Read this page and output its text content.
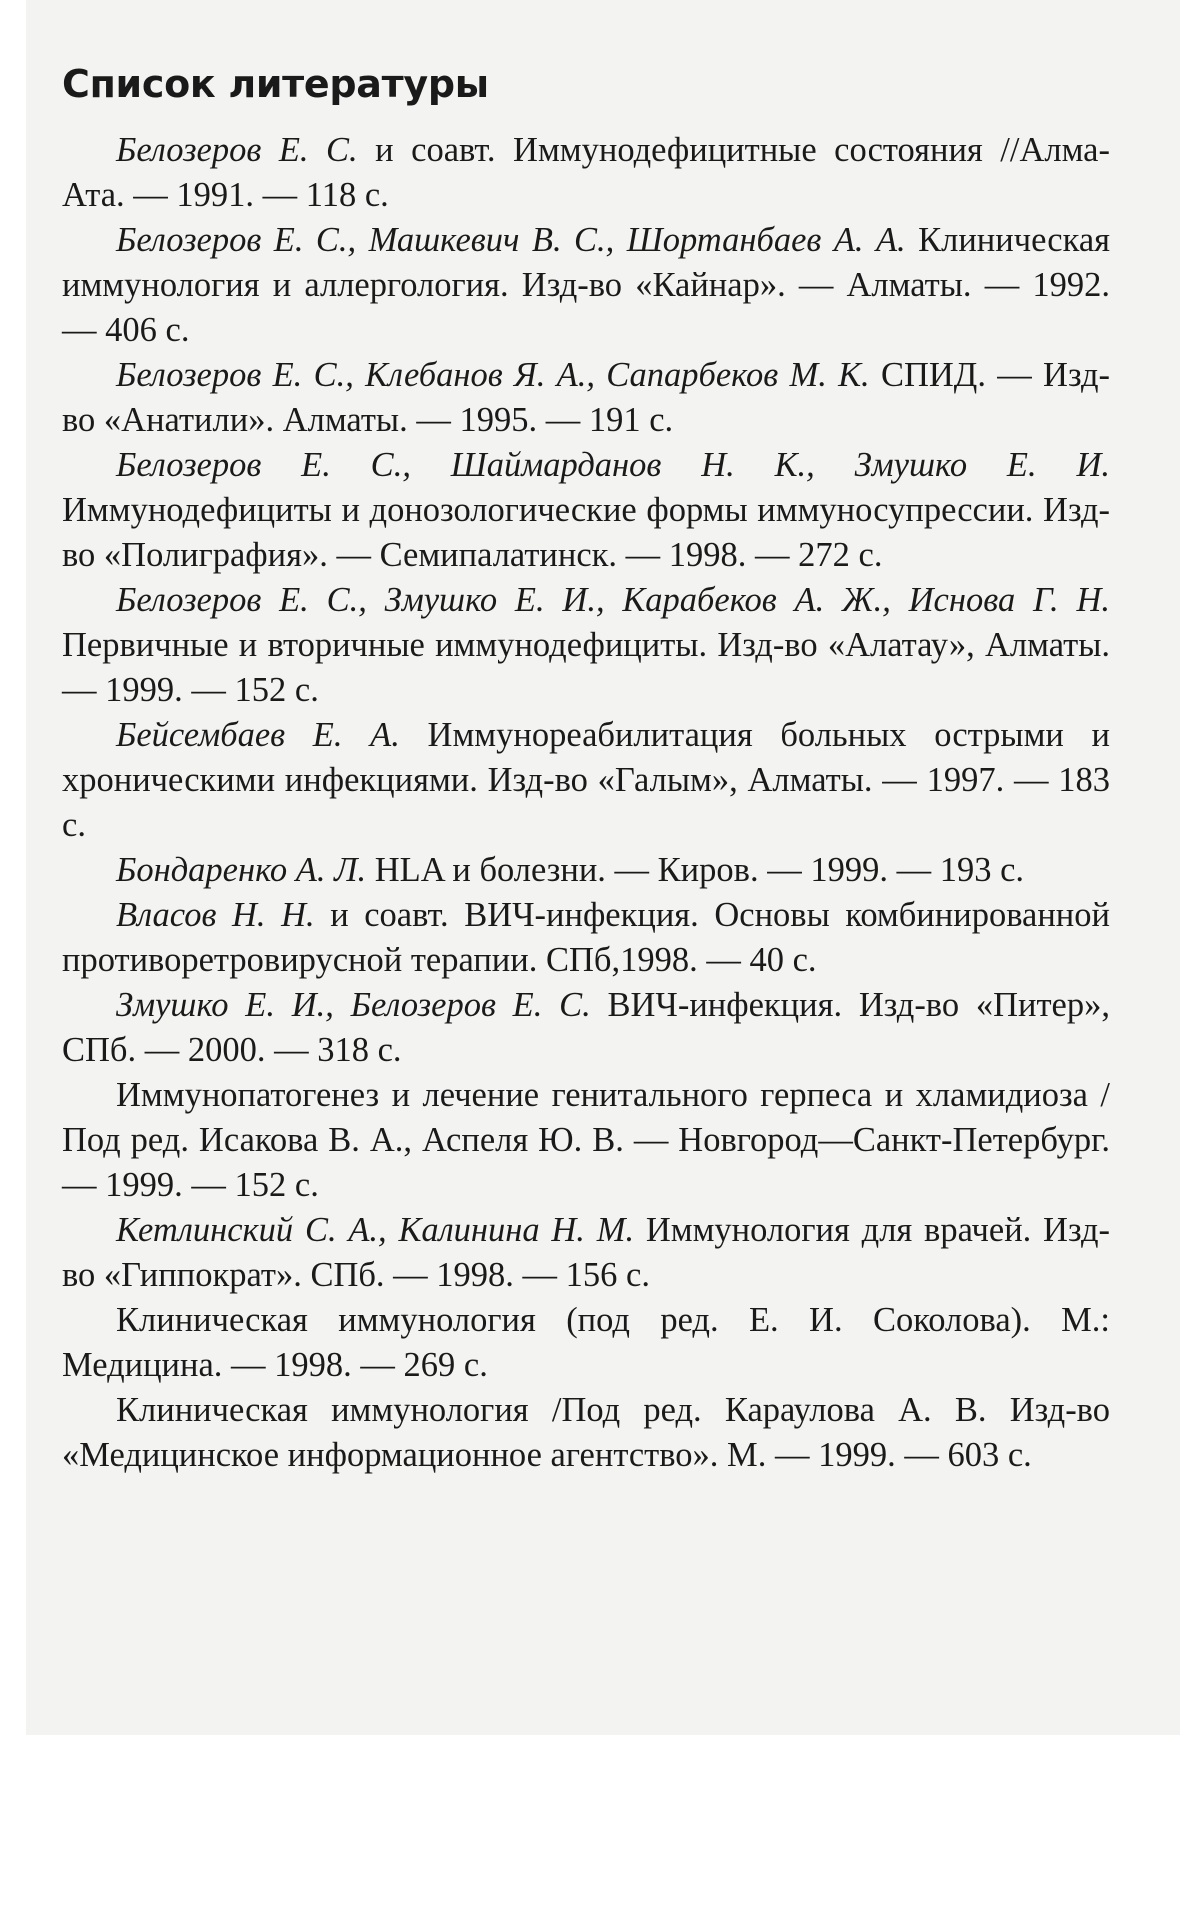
Список литературы
Белозеров Е. С. и соавт. Иммунодефицитные состояния //Алма-Ата. — 1991. — 118 с.
Белозеров Е. С., Машкевич В. С., Шортанбаев А. А. Клиническая иммунология и аллергология. Изд-во «Кайнар». — Алматы. — 1992. — 406 с.
Белозеров Е. С., Клебанов Я. А., Сапарбеков М. К. СПИД. — Изд-во «Анатили». Алматы. — 1995. — 191 с.
Белозеров Е. С., Шаймарданов Н. К., Змушко Е. И. Иммунодефициты и донозологические формы иммуносупрессии. Изд-во «Полиграфия». — Семипалатинск. — 1998. — 272 с.
Белозеров Е. С., Змушко Е. И., Карабеков А. Ж., Иснова Г. Н. Первичные и вторичные иммунодефициты. Изд-во «Алатау», Алматы. — 1999. — 152 с.
Бейсембаев Е. А. Иммунореабилитация больных острыми и хроническими инфекциями. Изд-во «Галым», Алматы. — 1997. — 183 с.
Бондаренко А. Л. HLA и болезни. — Киров. — 1999. — 193 с.
Власов Н. Н. и соавт. ВИЧ-инфекция. Основы комбинированной противоретровирусной терапии. СПб,1998. — 40 с.
Змушко Е. И., Белозеров Е. С. ВИЧ-инфекция. Изд-во «Питер», СПб. — 2000. — 318 с.
Иммунопатогенез и лечение генитального герпеса и хламидиоза /Под ред. Исакова В. А., Аспеля Ю. В. — Новгород—Санкт-Петербург. — 1999. — 152 с.
Кетлинский С. А., Калинина Н. М. Иммунология для врачей. Изд-во «Гиппократ». СПб. — 1998. — 156 с.
Клиническая иммунология (под ред. Е. И. Соколова). М.: Медицина. — 1998. — 269 с.
Клиническая иммунология /Под ред. Караулова А. В. Изд-во «Медицинское информационное агентство». М. — 1999. — 603 с.
